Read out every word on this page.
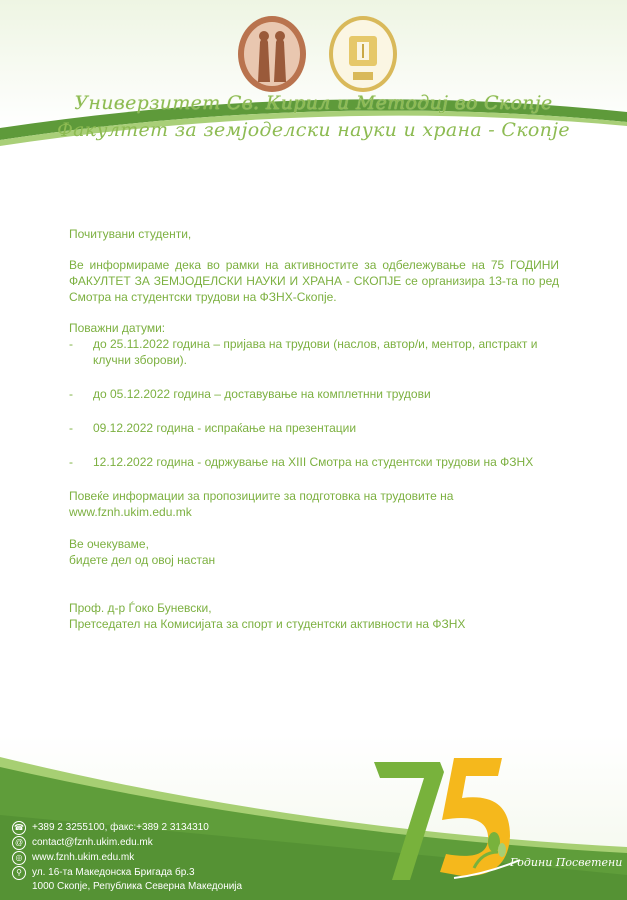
Универзитет Св. Кирил и Методиј во Скопје
Факултет за земјоделски науки и храна - Скопје

Почитувани студенти,

Ве информираме дека во рамки на активностите за одбележување на 75 ГОДИНИ ФАКУЛТЕТ ЗА ЗЕМЈОДЕЛСКИ НАУКИ И ХРАНА - СКОПЈЕ се организира 13-та по ред Смотра на студентски трудови на ФЗНХ-Скопје.

Поважни датуми:

- до 25.11.2022 година – пријава на трудови (наслов, автор/и, ментор, апстракт и клучни зборови).
- до 05.12.2022 година – доставување на комплетнни трудови
- 09.12.2022 година - испраќање на презентации
- 12.12.2022 година - одржување на XIII Смотра на студентски трудови на ФЗНХ

Повеќе информации за пропозициите за подготовка на трудовите на www.fznh.ukim.edu.mk

Ве очекуваме,

бидете дел од овој настан

Проф. д-р Ѓоко Буневски,

Претседател на Комисијата за спорт и студентски активности на ФЗНХ

☎ +389 2 3255100, факс:+389 2 3134310
@ contact@fznh.ukim.edu.mk
◎ www.fznh.ukim.edu.mk
⚲	ул. 16-та Македонска Бригада бр.3
1000 Скопје, Република Северна Македонија
Години Посветени
